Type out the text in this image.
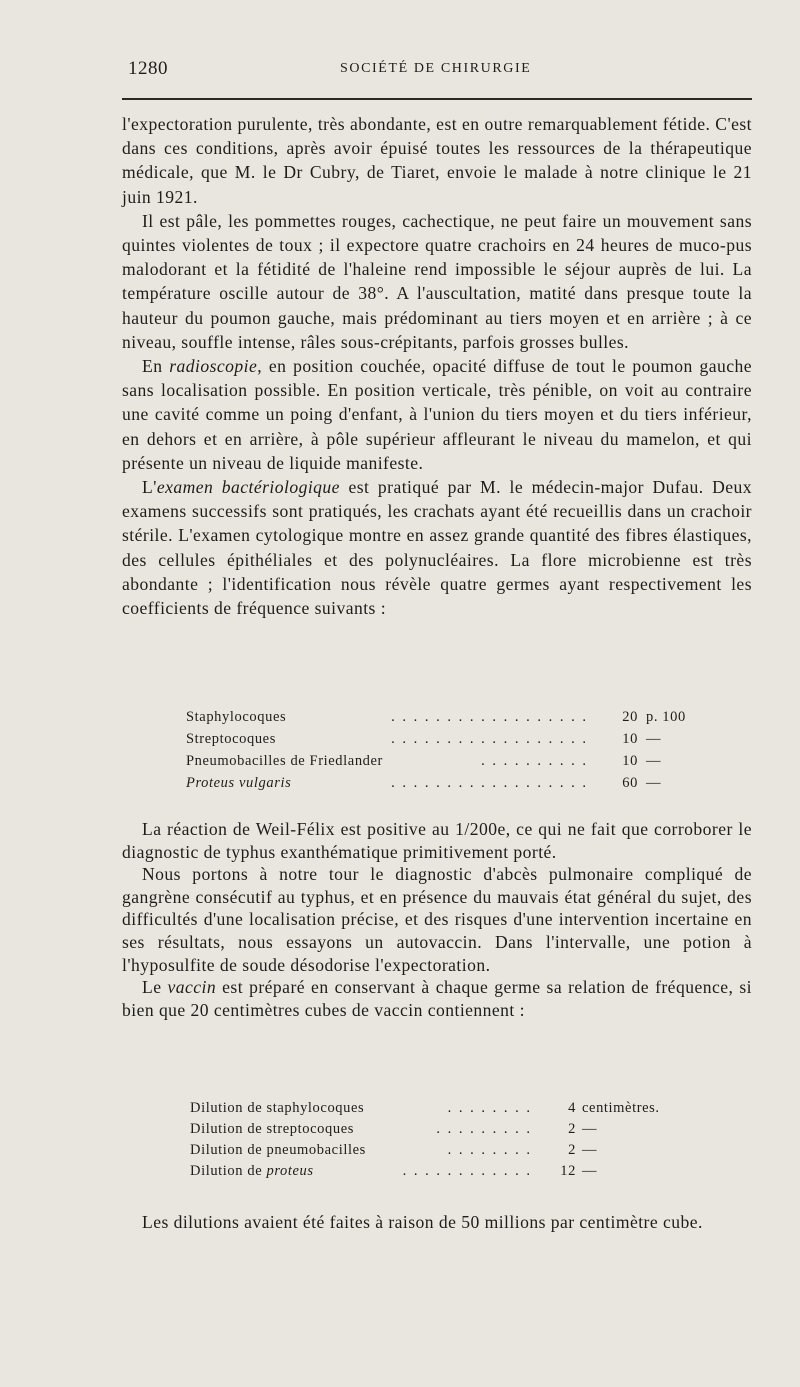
1280	SOCIÉTÉ DE CHIRURGIE

l'expectoration purulente, très abondante, est en outre remarquablement fétide. C'est dans ces conditions, après avoir épuisé toutes les ressources de la thérapeutique médicale, que M. le Dr Cubry, de Tiaret, envoie le malade à notre clinique le 21 juin 1921.

Il est pâle, les pommettes rouges, cachectique, ne peut faire un mouvement sans quintes violentes de toux ; il expectore quatre crachoirs en 24 heures de muco-pus malodorant et la fétidité de l'haleine rend impossible le séjour auprès de lui. La température oscille autour de 38°. A l'auscultation, matité dans presque toute la hauteur du poumon gauche, mais prédominant au tiers moyen et en arrière ; à ce niveau, souffle intense, râles sous-crépitants, parfois grosses bulles.

En radioscopie, en position couchée, opacité diffuse de tout le poumon gauche sans localisation possible. En position verticale, très pénible, on voit au contraire une cavité comme un poing d'enfant, à l'union du tiers moyen et du tiers inférieur, en dehors et en arrière, à pôle supérieur affleurant le niveau du mamelon, et qui présente un niveau de liquide manifeste.

L'examen bactériologique est pratiqué par M. le médecin-major Dufau. Deux examens successifs sont pratiqués, les crachats ayant été recueillis dans un crachoir stérile. L'examen cytologique montre en assez grande quantité des fibres élastiques, des cellules épithéliales et des polynucléaires. La flore microbienne est très abondante ; l'identification nous révèle quatre germes ayant respectivement les coefficients de fréquence suivants :

Staphylocoques	. . . . . . . . . . . . . . . . . .	20 p. 100
Streptocoques	. . . . . . . . . . . . . . . . . .	10 —
Pneumobacilles de Friedlander	. . . . . . . . . .	10 —
Proteus vulgaris	. . . . . . . . . . . . . . . . . .	60 —

La réaction de Weil-Félix est positive au 1/200e, ce qui ne fait que corroborer le diagnostic de typhus exanthématique primitivement porté.

Nous portons à notre tour le diagnostic d'abcès pulmonaire compliqué de gangrène consécutif au typhus, et en présence du mauvais état général du sujet, des difficultés d'une localisation précise, et des risques d'une intervention incertaine en ses résultats, nous essayons un autovaccin. Dans l'intervalle, une potion à l'hyposulfite de soude désodorise l'expectoration.

Le vaccin est préparé en conservant à chaque germe sa relation de fréquence, si bien que 20 centimètres cubes de vaccin contiennent :

Dilution de staphylocoques	. . . . . . . .	4 centimètres.
Dilution de streptocoques	. . . . . . . . .	2 —
Dilution de pneumobacilles	. . . . . . . .	2 —
Dilution de proteus	. . . . . . . . . . . .	12 —

Les dilutions avaient été faites à raison de 50 millions par centimètre cube.
